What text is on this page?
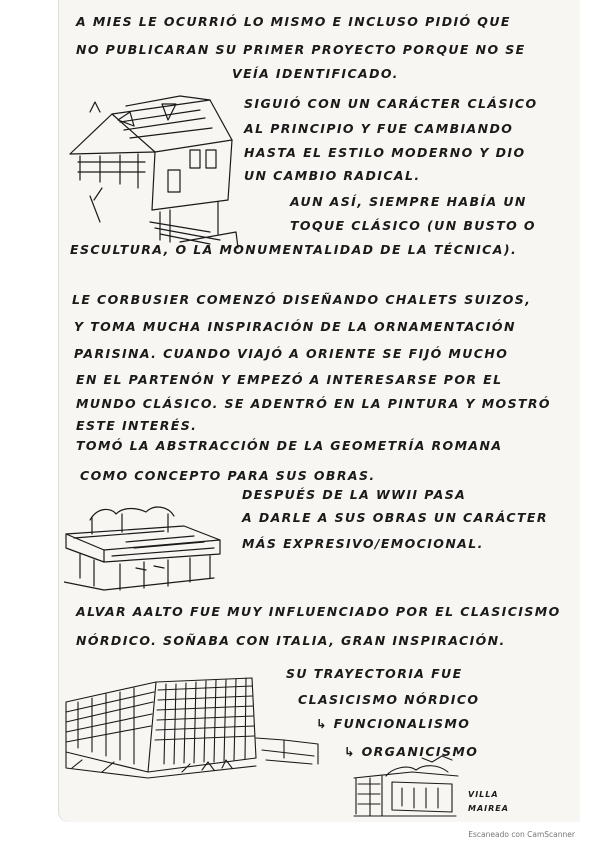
A MIES LE OCURRIÓ LO MISMO E INCLUSO PIDIÓ QUE
NO PUBLICARAN SU PRIMER PROYECTO PORQUE NO SE
VEÍA IDENTIFICADO.
SIGUIÓ CON UN CARÁCTER CLÁSICO
AL PRINCIPIO Y FUE CAMBIANDO
HASTA EL ESTILO MODERNO Y DIO
UN CAMBIO RADICAL.
AUN ASÍ, SIEMPRE HABÍA UN
TOQUE CLÁSICO (UN BUSTO O
ESCULTURA, O LA MONUMENTALIDAD DE LA TÉCNICA).
LE CORBUSIER COMENZÓ DISEÑANDO CHALETS SUIZOS,
Y TOMA MUCHA INSPIRACIÓN DE LA ORNAMENTACIÓN
PARISINA. CUANDO VIAJÓ A ORIENTE SE FIJÓ MUCHO
EN EL PARTENÓN Y EMPEZÓ A INTERESARSE POR EL
MUNDO CLÁSICO. SE ADENTRÓ EN LA PINTURA Y MOSTRÓ
ESTE INTERÉS.
TOMÓ LA ABSTRACCIÓN DE LA GEOMETRÍA ROMANA
COMO CONCEPTO PARA SUS OBRAS.
DESPUÉS DE LA WWII PASA
A DARLE A SUS OBRAS UN CARÁCTER
MÁS EXPRESIVO/EMOCIONAL.
ALVAR AALTO FUE MUY INFLUENCIADO POR EL CLASICISMO
NÓRDICO. SOÑABA CON ITALIA, GRAN INSPIRACIÓN.
SU TRAYECTORIA FUE
CLASICISMO NÓRDICO
↳ FUNCIONALISMO
↳ ORGANICISMO
VILLA MAIREA
Escaneado con CamScanner
